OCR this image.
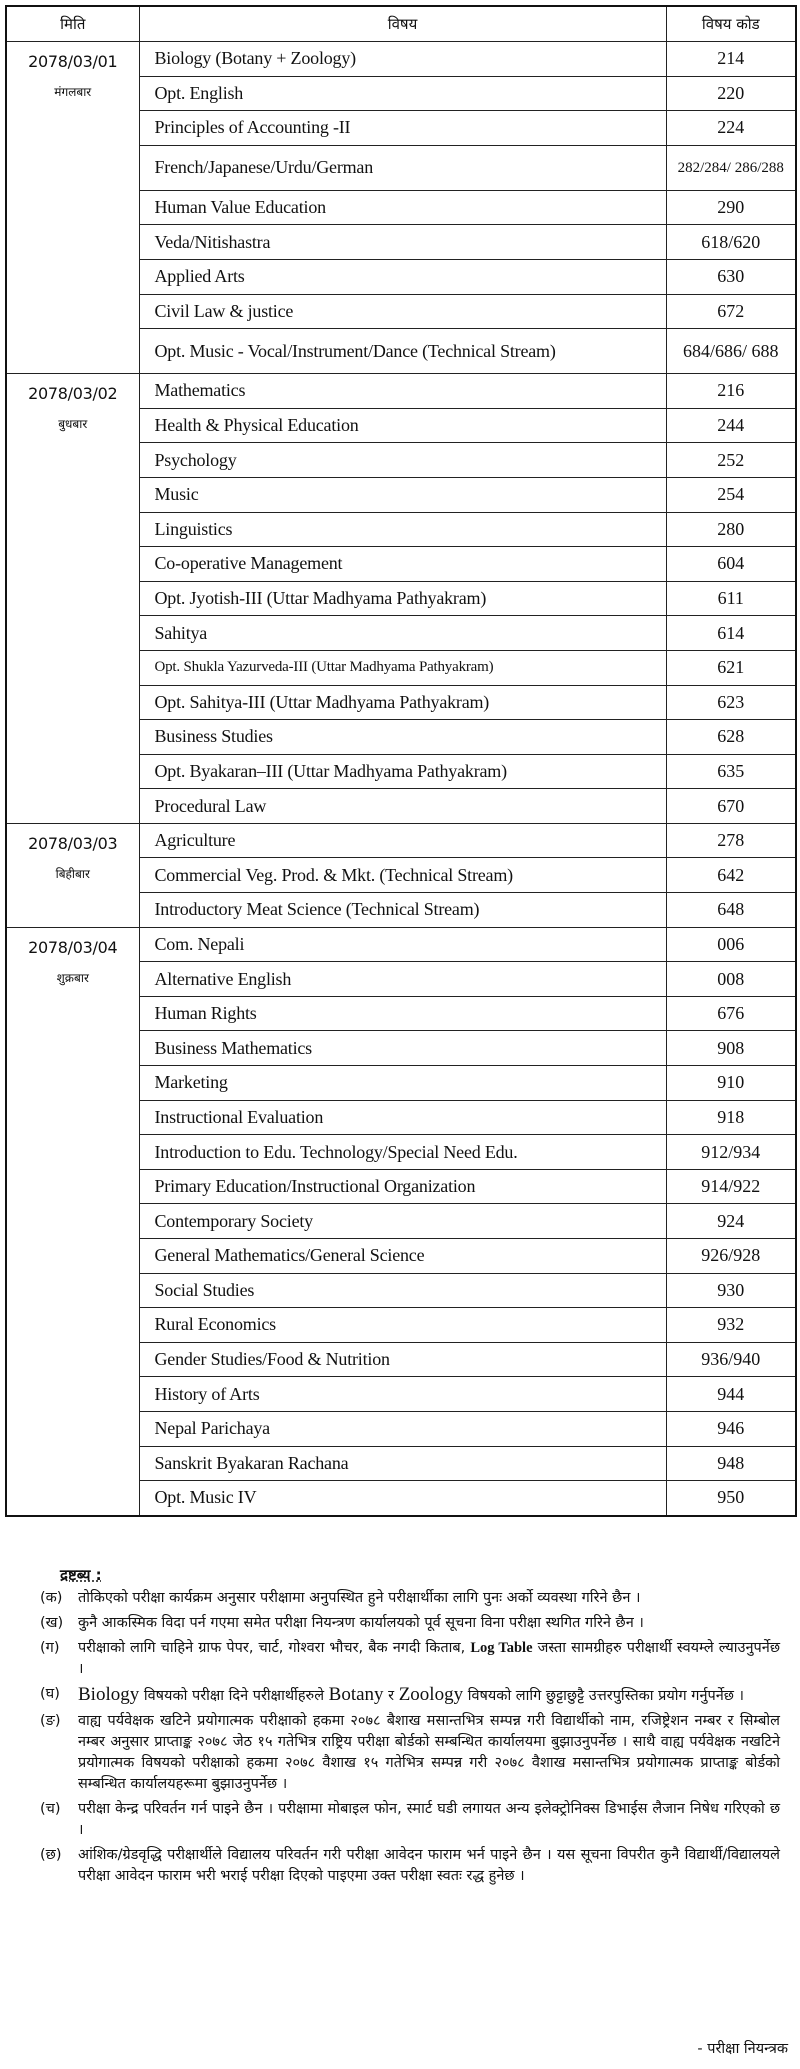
मिति	विषय	विषय कोड

2078/03/01
मंगलबार	Biology (Botany + Zoology)	214
	Opt. English	220
	Principles of Accounting -II	224
	French/Japanese/Urdu/German	282/284/ 286/288
	Human Value Education	290
	Veda/Nitishastra	618/620
	Applied Arts	630
	Civil Law & justice	672
	Opt. Music - Vocal/Instrument/Dance (Technical Stream)	684/686/ 688

2078/03/02
बुधबार	Mathematics	216
	Health & Physical Education	244
	Psychology	252
	Music	254
	Linguistics	280
	Co-operative Management	604
	Opt. Jyotish-III (Uttar Madhyama Pathyakram)	611
	Sahitya	614
	Opt. Shukla Yazurveda-III (Uttar Madhyama Pathyakram)	621
	Opt. Sahitya-III (Uttar Madhyama Pathyakram)	623
	Business Studies	628
	Opt. Byakaran–III (Uttar Madhyama Pathyakram)	635
	Procedural Law	670

2078/03/03
बिहीबार	Agriculture	278
	Commercial Veg. Prod. & Mkt. (Technical Stream)	642
	Introductory Meat Science (Technical Stream)	648

2078/03/04
शुक्रबार	Com. Nepali	006
	Alternative English	008
	Human Rights	676
	Business Mathematics	908
	Marketing	910
	Instructional Evaluation	918
	Introduction to Edu. Technology/Special Need Edu.	912/934
	Primary Education/Instructional Organization	914/922
	Contemporary Society	924
	General Mathematics/General Science	926/928
	Social Studies	930
	Rural Economics	932
	Gender Studies/Food & Nutrition	936/940
	History of Arts	944
	Nepal Parichaya	946
	Sanskrit Byakaran Rachana	948
	Opt. Music IV	950
द्रष्टब्य :
(क)	तोकिएको परीक्षा कार्यक्रम अनुसार परीक्षामा अनुपस्थित हुने परीक्षार्थीका लागि पुनः अर्को व्यवस्था गरिने छैन ।
(ख)	कुनै आकस्मिक विदा पर्न गएमा समेत परीक्षा नियन्त्रण कार्यालयको पूर्व सूचना विना परीक्षा स्थगित गरिने छैन ।
(ग)	परीक्षाको लागि चाहिने ग्राफ पेपर, चार्ट, गोश्वरा भौचर, बैक नगदी किताब, Log Table जस्ता सामग्रीहरु परीक्षार्थी स्वयम्ले ल्याउनुपर्नेछ ।
(घ) Biology विषयको परीक्षा दिने परीक्षार्थीहरुले Botany र Zoology विषयको लागि छुट्टाछुट्टै उत्तरपुस्तिका प्रयोग गर्नुपर्नेछ ।
(ङ)	वाह्य पर्यवेक्षक खटिने प्रयोगात्मक परीक्षाको हकमा २०७८ बैशाख मसान्तभित्र सम्पन्न गरी विद्यार्थीको नाम, रजिष्ट्रेशन नम्बर र सिम्बोल नम्बर अनुसार प्राप्ताङ्क २०७८ जेठ १५ गतेभित्र राष्ट्रिय परीक्षा बोर्डको सम्बन्धित कार्यालयमा बुझाउनुपर्नेछ । साथै वाह्य पर्यवेक्षक नखटिने प्रयोगात्मक विषयको परीक्षाको हकमा २०७८ वैशाख १५ गतेभित्र सम्पन्न गरी २०७८ वैशाख मसान्तभित्र प्रयोगात्मक प्राप्ताङ्क बोर्डको सम्बन्धित कार्यालयहरूमा बुझाउनुपर्नेछ ।
(च)	परीक्षा केन्द्र परिवर्तन गर्न पाइने छैन । परीक्षामा मोबाइल फोन, स्मार्ट घडी लगायत अन्य इलेक्ट्रोनिक्स डिभाईस लैजान निषेध गरिएको छ ।
(छ)	आंशिक/ग्रेडवृद्धि परीक्षार्थीले विद्यालय परिवर्तन गरी परीक्षा आवेदन फाराम भर्न पाइने छैन । यस सूचना विपरीत कुनै विद्यार्थी/विद्यालयले परीक्षा आवेदन फाराम भरी भराई परीक्षा दिएको पाइएमा उक्त परीक्षा स्वतः रद्ध हुनेछ ।
- परीक्षा नियन्त्रक
